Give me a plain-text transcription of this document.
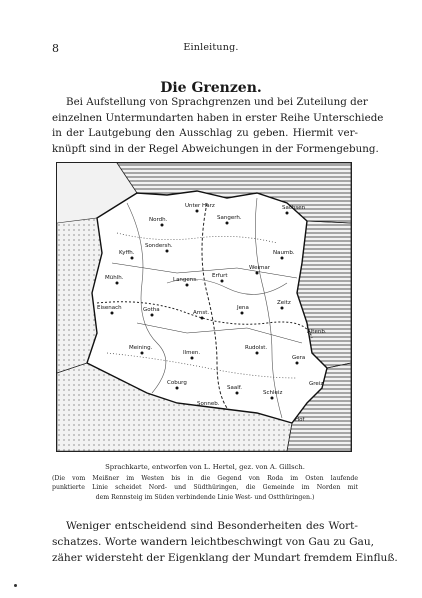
8	Einleitung.
Die Grenzen.
Bei Aufstellung von Sprachgrenzen und bei Zuteilung der
einzelnen Untermundarten haben in erster Reihe Unterschiede
in der Lautgebung den Ausschlag zu geben. Hiermit ver-
knüpft sind in der Regel Abweichungen in der Formengebung.
Unter Harz	Sachsen
Nordh.	Sangerh.
Sondersh.
Kyffh.
Mühlh.	Langens.
Erfurt
Weimar
Naumb.
Eisenach	Gotha	Arnst.
Jena
Zeitz
Meining.
Ilmen.
Rudolst.
Gera
Altenb.
Coburg
Saalf.
Schleiz
Sonneb.
Greiz
Hof
Sprachkarte, entworfen von L. Hertel, gez. von A. Gillsch.
(Die vom Meißner im Westen bis in die Gegend von Roda im Osten laufende
punktierte Linie scheidet Nord- und Südthüringen, die Gemeinde im Norden mit
dem Rennsteig im Süden verbindende Linie West- und Ostthüringen.)
Weniger entscheidend sind Besonderheiten des Wort-
schatzes. Worte wandern leichtbeschwingt von Gau zu Gau,
zäher widersteht der Eigenklang der Mundart fremdem Einfluß.
